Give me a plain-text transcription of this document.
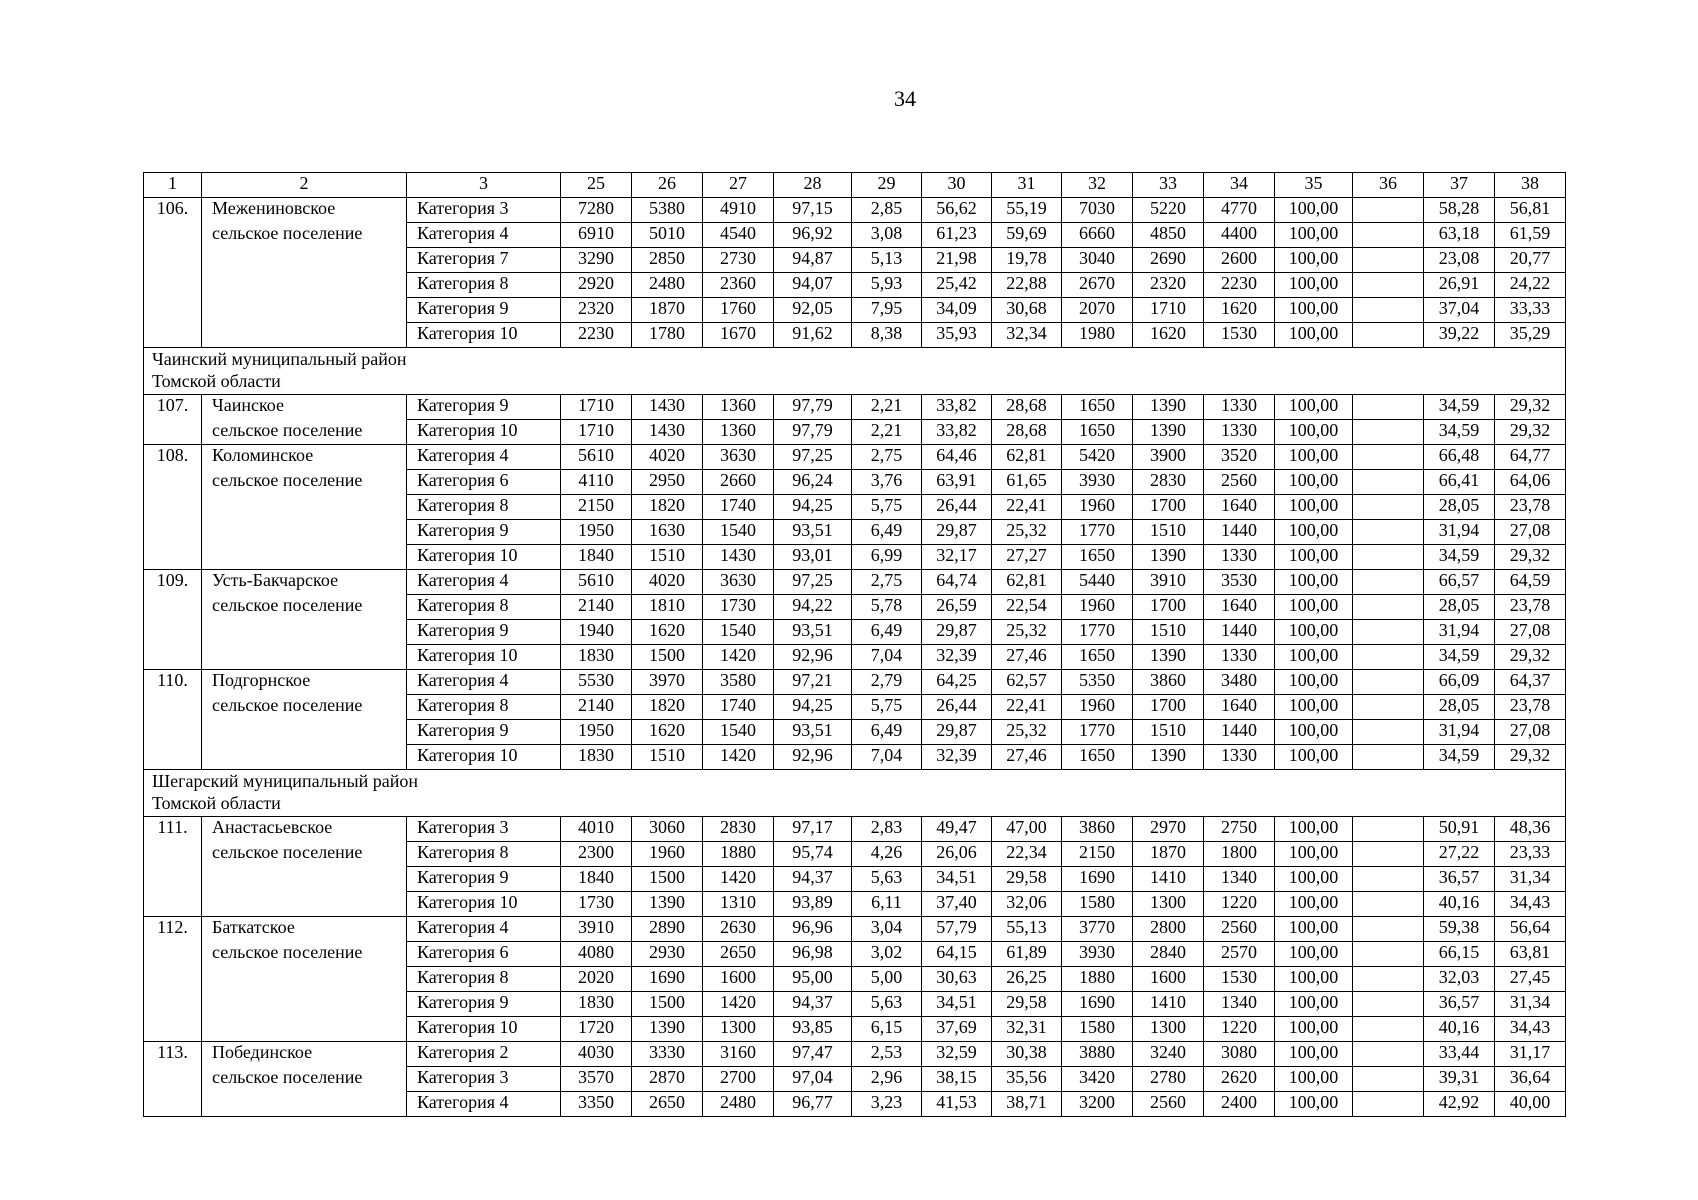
34
1	2	3	25	26	27	28	29	30	31	32	33	34	35	36	37	38
106.	Межениновское	Категория 3	7280	5380	4910	97,15	2,85	56,62	55,19	7030	5220	4770	100,00		58,28	56,81
	сельское поселение	Категория 4	6910	5010	4540	96,92	3,08	61,23	59,69	6660	4850	4400	100,00		63,18	61,59
		Категория 7	3290	2850	2730	94,87	5,13	21,98	19,78	3040	2690	2600	100,00		23,08	20,77
		Категория 8	2920	2480	2360	94,07	5,93	25,42	22,88	2670	2320	2230	100,00		26,91	24,22
		Категория 9	2320	1870	1760	92,05	7,95	34,09	30,68	2070	1710	1620	100,00		37,04	33,33
		Категория 10	2230	1780	1670	91,62	8,38	35,93	32,34	1980	1620	1530	100,00		39,22	35,29

Чаинский муниципальный район
Томской области																

107.	Чаинское	Категория 9	1710	1430	1360	97,79	2,21	33,82	28,68	1650	1390	1330	100,00		34,59	29,32
	сельское поселение	Категория 10	1710	1430	1360	97,79	2,21	33,82	28,68	1650	1390	1330	100,00		34,59	29,32
108.	Коломинское	Категория 4	5610	4020	3630	97,25	2,75	64,46	62,81	5420	3900	3520	100,00		66,48	64,77
	сельское поселение	Категория 6	4110	2950	2660	96,24	3,76	63,91	61,65	3930	2830	2560	100,00		66,41	64,06
		Категория 8	2150	1820	1740	94,25	5,75	26,44	22,41	1960	1700	1640	100,00		28,05	23,78
		Категория 9	1950	1630	1540	93,51	6,49	29,87	25,32	1770	1510	1440	100,00		31,94	27,08
		Категория 10	1840	1510	1430	93,01	6,99	32,17	27,27	1650	1390	1330	100,00		34,59	29,32
109.	Усть-Бакчарское	Категория 4	5610	4020	3630	97,25	2,75	64,74	62,81	5440	3910	3530	100,00		66,57	64,59
	сельское поселение	Категория 8	2140	1810	1730	94,22	5,78	26,59	22,54	1960	1700	1640	100,00		28,05	23,78
		Категория 9	1940	1620	1540	93,51	6,49	29,87	25,32	1770	1510	1440	100,00		31,94	27,08
		Категория 10	1830	1500	1420	92,96	7,04	32,39	27,46	1650	1390	1330	100,00		34,59	29,32
110.	Подгорнское	Категория 4	5530	3970	3580	97,21	2,79	64,25	62,57	5350	3860	3480	100,00		66,09	64,37
	сельское поселение	Категория 8	2140	1820	1740	94,25	5,75	26,44	22,41	1960	1700	1640	100,00		28,05	23,78
		Категория 9	1950	1620	1540	93,51	6,49	29,87	25,32	1770	1510	1440	100,00		31,94	27,08
		Категория 10	1830	1510	1420	92,96	7,04	32,39	27,46	1650	1390	1330	100,00		34,59	29,32

Шегарский муниципальный район
Томской области																

111.	Анастасьевское	Категория 3	4010	3060	2830	97,17	2,83	49,47	47,00	3860	2970	2750	100,00		50,91	48,36
	сельское поселение	Категория 8	2300	1960	1880	95,74	4,26	26,06	22,34	2150	1870	1800	100,00		27,22	23,33
		Категория 9	1840	1500	1420	94,37	5,63	34,51	29,58	1690	1410	1340	100,00		36,57	31,34
		Категория 10	1730	1390	1310	93,89	6,11	37,40	32,06	1580	1300	1220	100,00		40,16	34,43
112.	Баткатское	Категория 4	3910	2890	2630	96,96	3,04	57,79	55,13	3770	2800	2560	100,00		59,38	56,64
	сельское поселение	Категория 6	4080	2930	2650	96,98	3,02	64,15	61,89	3930	2840	2570	100,00		66,15	63,81
		Категория 8	2020	1690	1600	95,00	5,00	30,63	26,25	1880	1600	1530	100,00		32,03	27,45
		Категория 9	1830	1500	1420	94,37	5,63	34,51	29,58	1690	1410	1340	100,00		36,57	31,34
		Категория 10	1720	1390	1300	93,85	6,15	37,69	32,31	1580	1300	1220	100,00		40,16	34,43
113.	Побединское	Категория 2	4030	3330	3160	97,47	2,53	32,59	30,38	3880	3240	3080	100,00		33,44	31,17
	сельское поселение	Категория 3	3570	2870	2700	97,04	2,96	38,15	35,56	3420	2780	2620	100,00		39,31	36,64
		Категория 4	3350	2650	2480	96,77	3,23	41,53	38,71	3200	2560	2400	100,00		42,92	40,00
